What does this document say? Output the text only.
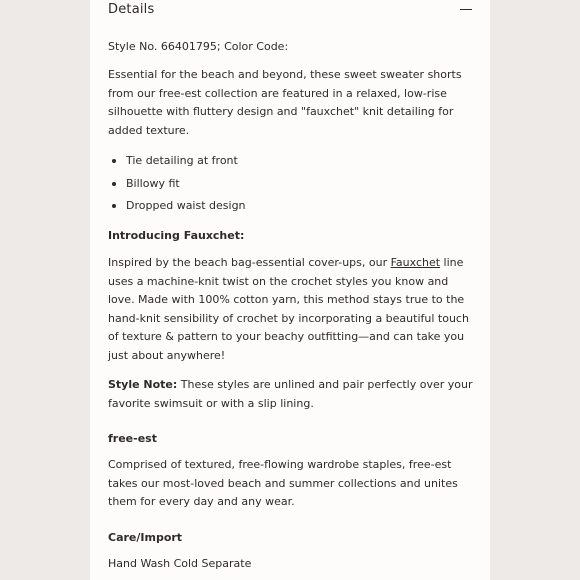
Details

Style No. 66401795; Color Code:

Essential for the beach and beyond, these sweet sweater shorts from our free-est collection are featured in a relaxed, low-rise silhouette with fluttery design and "fauxchet" knit detailing for added texture.

Tie detailing at front
Billowy fit
Dropped waist design

Introducing Fauxchet:

Inspired by the beach bag-essential cover-ups, our Fauxchet line uses a machine-knit twist on the crochet styles you know and love. Made with 100% cotton yarn, this method stays true to the hand-knit sensibility of crochet by incorporating a beautiful touch of texture & pattern to your beachy outfitting—and can take you just about anywhere!

Style Note: These styles are unlined and pair perfectly over your favorite swimsuit or with a slip lining.

free-est

Comprised of textured, free-flowing wardrobe staples, free-est takes our most-loved beach and summer collections and unites them for every day and any wear.

Care/Import

Hand Wash Cold Separate
